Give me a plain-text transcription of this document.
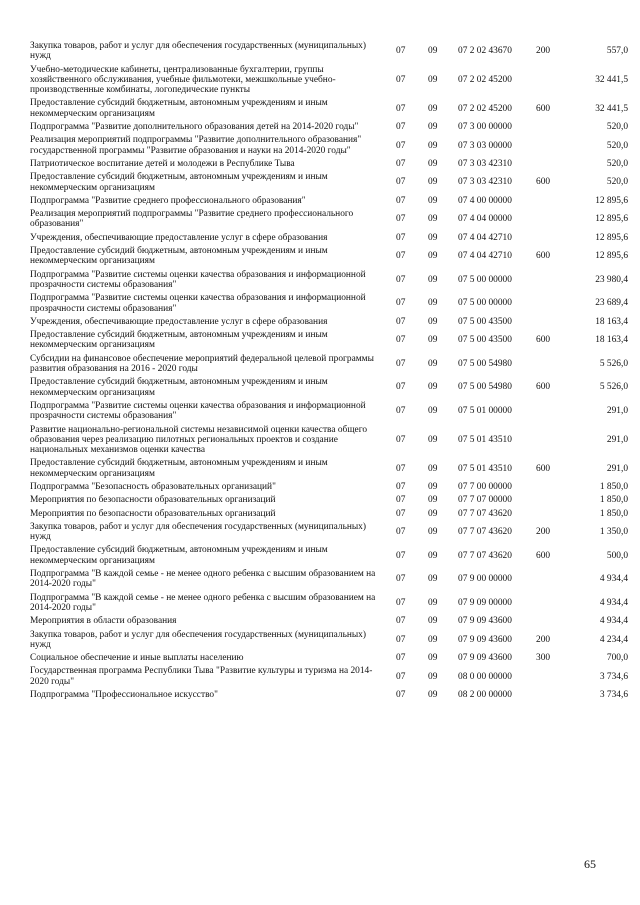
Закупка товаров, работ и услуг для обеспечения государственных (муниципальных) нужд	07	09	07 2 02 43670	200	557,0
Учебно-методические кабинеты, централизованные бухгалтерии, группы хозяйственного обслуживания, учебные фильмотеки, межшкольные учебно-производственные комбинаты, логопедические пункты	07	09	07 2 02 45200		32 441,5
Предоставление субсидий бюджетным, автономным учреждениям и иным некоммерческим организациям	07	09	07 2 02 45200	600	32 441,5
Подпрограмма "Развитие дополнительного образования детей на 2014-2020 годы"	07	09	07 3 00 00000		520,0
Реализация мероприятий подпрограммы "Развитие дополнительного образования" государственной программы "Развитие образования и науки на 2014-2020 годы"	07	09	07 3 03 00000		520,0
Патриотическое воспитание детей и молодежи в Республике Тыва	07	09	07 3 03 42310		520,0
Предоставление субсидий бюджетным, автономным учреждениям и иным некоммерческим организациям	07	09	07 3 03 42310	600	520,0
Подпрограмма "Развитие среднего профессионального образования"	07	09	07 4 00 00000		12 895,6
Реализация мероприятий подпрограммы "Развитие среднего профессионального образования"	07	09	07 4 04 00000		12 895,6
Учреждения, обеспечивающие предоставление услуг в сфере образования	07	09	07 4 04 42710		12 895,6
Предоставление субсидий бюджетным, автономным учреждениям и иным некоммерческим организациям	07	09	07 4 04 42710	600	12 895,6
Подпрограмма "Развитие системы оценки качества образования и информационной прозрачности системы образования"	07	09	07 5 00 00000		23 980,4
Подпрограмма "Развитие системы оценки качества образования и информационной прозрачности системы образования"	07	09	07 5 00 00000		23 689,4
Учреждения, обеспечивающие предоставление услуг в сфере образования	07	09	07 5 00 43500		18 163,4
Предоставление субсидий бюджетным, автономным учреждениям и иным некоммерческим организациям	07	09	07 5 00 43500	600	18 163,4
Субсидии на финансовое обеспечение мероприятий федеральной целевой программы развития образования на 2016 - 2020 годы	07	09	07 5 00 54980		5 526,0
Предоставление субсидий бюджетным, автономным учреждениям и иным некоммерческим организациям	07	09	07 5 00 54980	600	5 526,0
Подпрограмма "Развитие системы оценки качества образования и информационной прозрачности системы образования"	07	09	07 5 01 00000		291,0
Развитие национально-региональной системы независимой оценки качества общего образования через реализацию пилотных региональных проектов и создание национальных механизмов оценки качества	07	09	07 5 01 43510		291,0
Предоставление субсидий бюджетным, автономным учреждениям и иным некоммерческим организациям	07	09	07 5 01 43510	600	291,0
Подпрограмма "Безопасность образовательных организаций"	07	09	07 7 00 00000		1 850,0
Мероприятия по безопасности образовательных организаций	07	09	07 7 07 00000		1 850,0
Мероприятия по безопасности образовательных организаций	07	09	07 7 07 43620		1 850,0
Закупка товаров, работ и услуг для обеспечения государственных (муниципальных) нужд	07	09	07 7 07 43620	200	1 350,0
Предоставление субсидий бюджетным, автономным учреждениям и иным некоммерческим организациям	07	09	07 7 07 43620	600	500,0
Подпрограмма "В каждой семье - не менее одного ребенка с высшим образованием на 2014-2020 годы"	07	09	07 9 00 00000		4 934,4
Подпрограмма "В каждой семье - не менее одного ребенка с высшим образованием на 2014-2020 годы"	07	09	07 9 09 00000		4 934,4
Мероприятия в области образования	07	09	07 9 09 43600		4 934,4
Закупка товаров, работ и услуг для обеспечения государственных (муниципальных) нужд	07	09	07 9 09 43600	200	4 234,4
Социальное обеспечение и иные выплаты населению	07	09	07 9 09 43600	300	700,0
Государственная программа Республики Тыва "Развитие культуры и туризма на 2014-2020 годы"	07	09	08 0 00 00000		3 734,6
Подпрограмма "Профессиональное искусство"	07	09	08 2 00 00000		3 734,6
65
